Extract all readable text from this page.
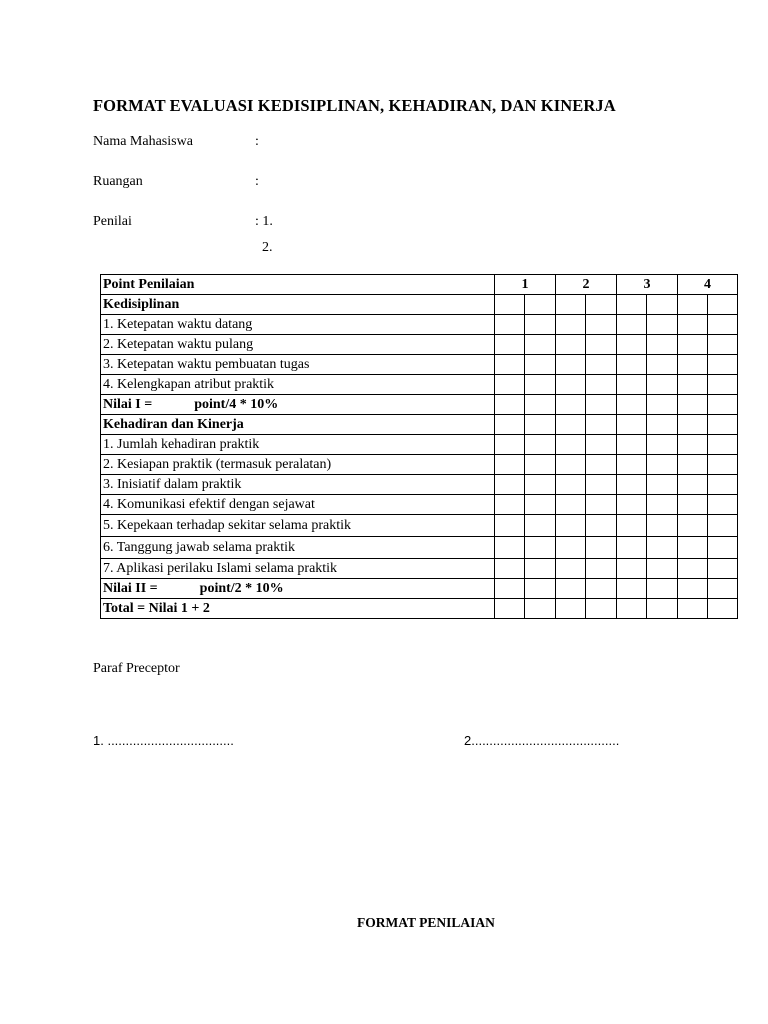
FORMAT EVALUASI KEDISIPLINAN, KEHADIRAN, DAN KINERJA
Nama Mahasiswa	:
Ruangan	:
Penilai	: 1.
2.
Point Penilaian	1		2		3		4	
Kedisiplinan								
1. Ketepatan waktu datang								
2. Ketepatan waktu pulang								
3. Ketepatan waktu pembuatan tugas								
4. Kelengkapan atribut praktik								
Nilai I = point/4 * 10%								
Kehadiran dan Kinerja								
1. Jumlah kehadiran praktik								
2. Kesiapan praktik (termasuk peralatan)								
3. Inisiatif dalam praktik								
4. Komunikasi efektif dengan sejawat								
5. Kepekaan terhadap sekitar selama praktik								
6. Tanggung jawab selama praktik								
7. Aplikasi perilaku Islami selama praktik								
Nilai II = point/2 * 10%								
Total = Nilai 1 + 2								
Paraf Preceptor
1. ...................................	2.........................................
FORMAT PENILAIAN
